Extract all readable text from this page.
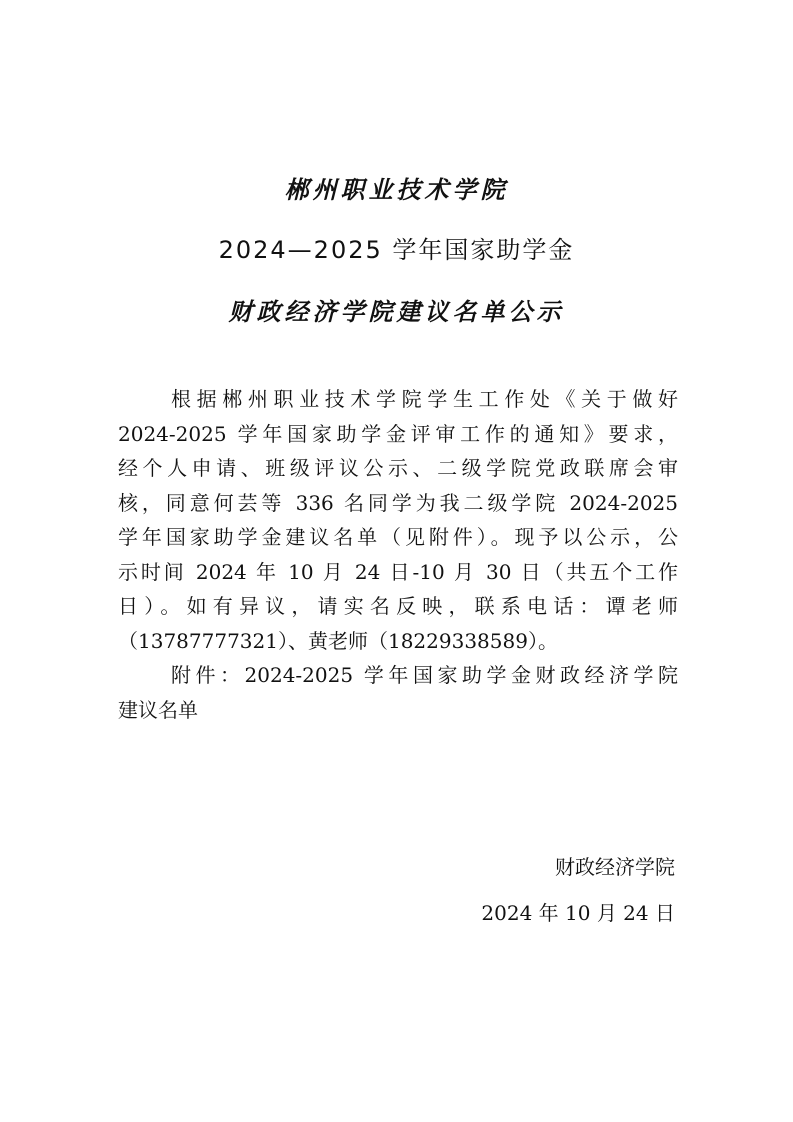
郴州职业技术学院
2024—2025 学年国家助学金
财政经济学院建议名单公示
根据郴州职业技术学院学生工作处《关于做好
2024-2025 学年国家助学金评审工作的通知》要求，
经个人申请、班级评议公示、二级学院党政联席会审
核，同意何芸等 336 名同学为我二级学院 2024-2025
学年国家助学金建议名单（见附件）。现予以公示，公
示时间 2024 年 10 月 24 日-10 月 30 日（共五个工作
日）。如有异议，请实名反映，联系电话：谭老师
（13787777321）、黄老师（18229338589）。
附件：2024-2025 学年国家助学金财政经济学院
建议名单
财政经济学院
2024 年 10 月 24 日
